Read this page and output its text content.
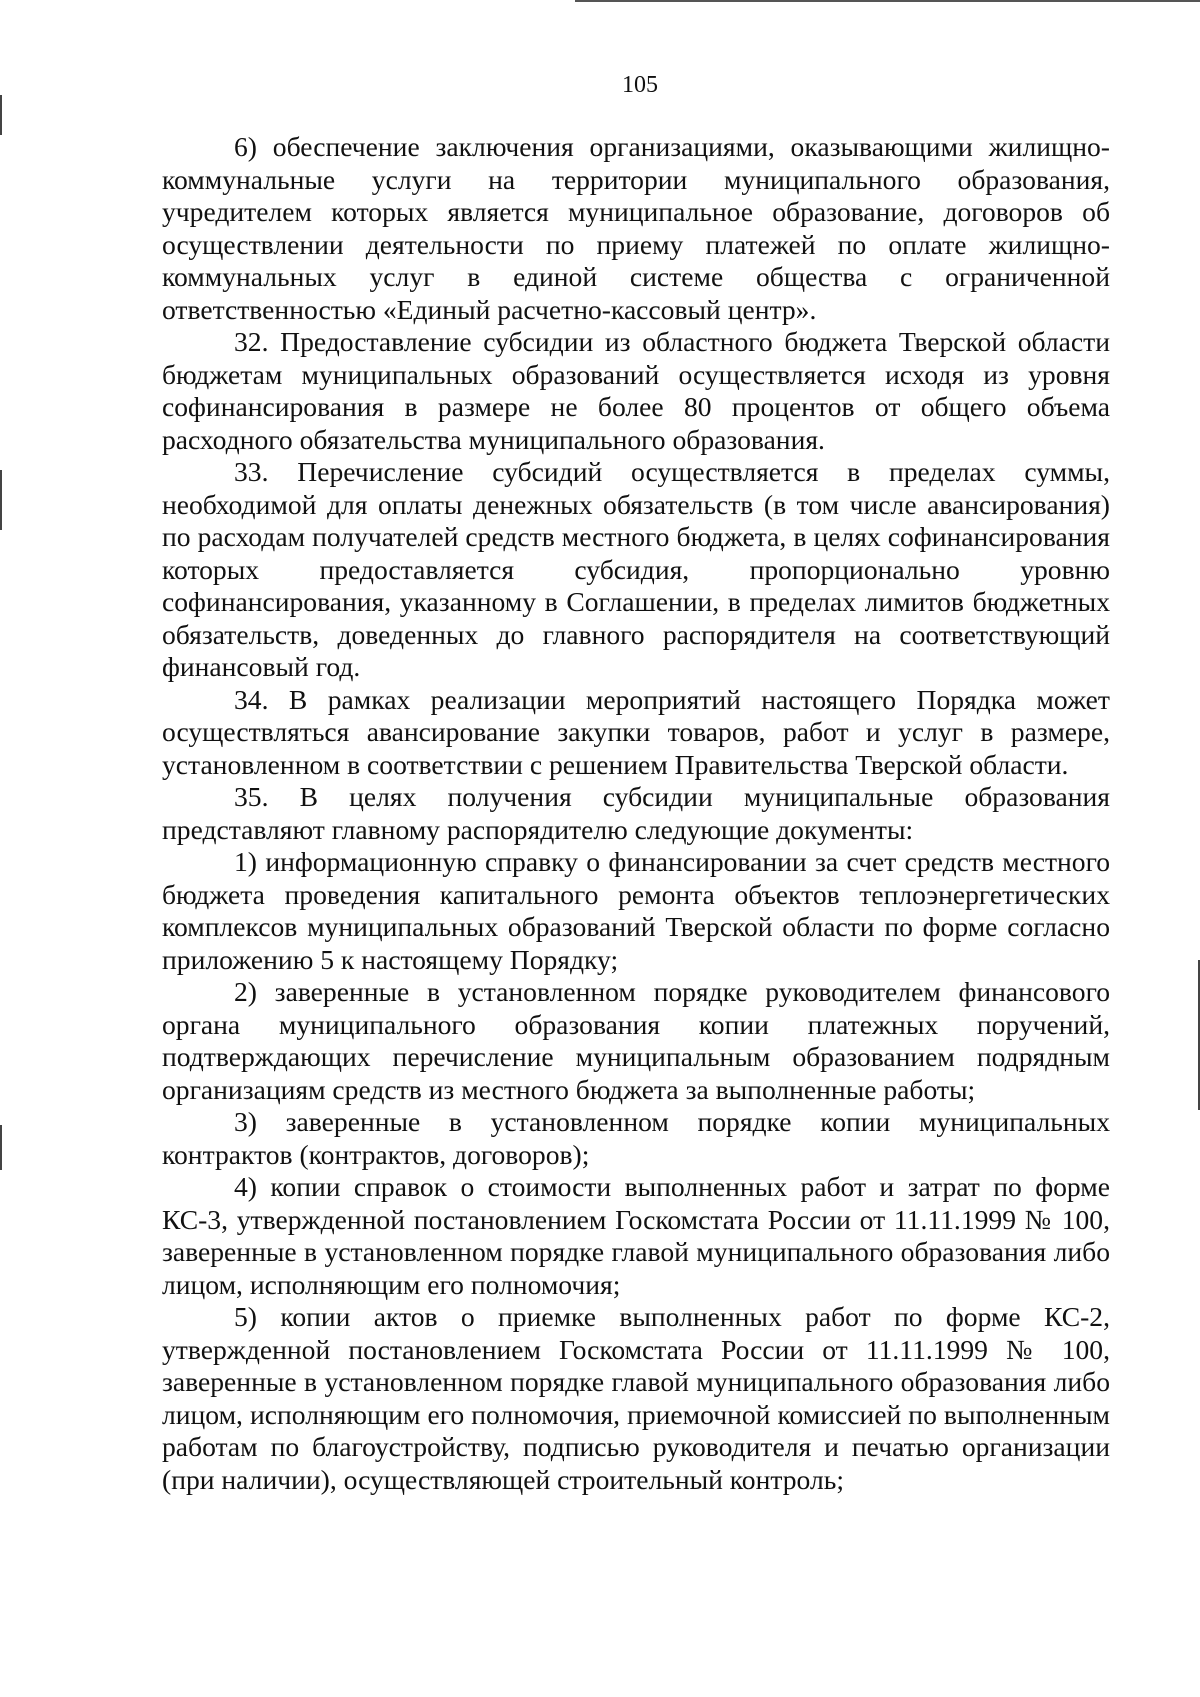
105

6) обеспечение заключения организациями, оказывающими жилищно-коммунальные услуги на территории муниципального образования, учредителем которых является муниципальное образование, договоров об осуществлении деятельности по приему платежей по оплате жилищно-коммунальных услуг в единой системе общества с ограниченной ответственностью «Единый расчетно-кассовый центр».

32. Предоставление субсидии из областного бюджета Тверской области бюджетам муниципальных образований осуществляется исходя из уровня софинансирования в размере не более 80 процентов от общего объема расходного обязательства муниципального образования.

33. Перечисление субсидий осуществляется в пределах суммы, необходимой для оплаты денежных обязательств (в том числе авансирования) по расходам получателей средств местного бюджета, в целях софинансирования которых предоставляется субсидия, пропорционально уровню софинансирования, указанному в Соглашении, в пределах лимитов бюджетных обязательств, доведенных до главного распорядителя на соответствующий финансовый год.

34. В рамках реализации мероприятий настоящего Порядка может осуществляться авансирование закупки товаров, работ и услуг в размере, установленном в соответствии с решением Правительства Тверской области.

35. В целях получения субсидии муниципальные образования представляют главному распорядителю следующие документы:

1) информационную справку о финансировании за счет средств местного бюджета проведения капитального ремонта объектов теплоэнергетических комплексов муниципальных образований Тверской области по форме согласно приложению 5 к настоящему Порядку;

2) заверенные в установленном порядке руководителем финансового органа муниципального образования копии платежных поручений, подтверждающих перечисление муниципальным образованием подрядным организациям средств из местного бюджета за выполненные работы;

3) заверенные в установленном порядке копии муниципальных контрактов (контрактов, договоров);

4) копии справок о стоимости выполненных работ и затрат по форме КС-3, утвержденной постановлением Госкомстата России от 11.11.1999 № 100, заверенные в установленном порядке главой муниципального образования либо лицом, исполняющим его полномочия;

5) копии актов о приемке выполненных работ по форме КС-2, утвержденной постановлением Госкомстата России от 11.11.1999 № 100, заверенные в установленном порядке главой муниципального образования либо лицом, исполняющим его полномочия, приемочной комиссией по выполненным работам по благоустройству, подписью руководителя и печатью организации (при наличии), осуществляющей строительный контроль;
